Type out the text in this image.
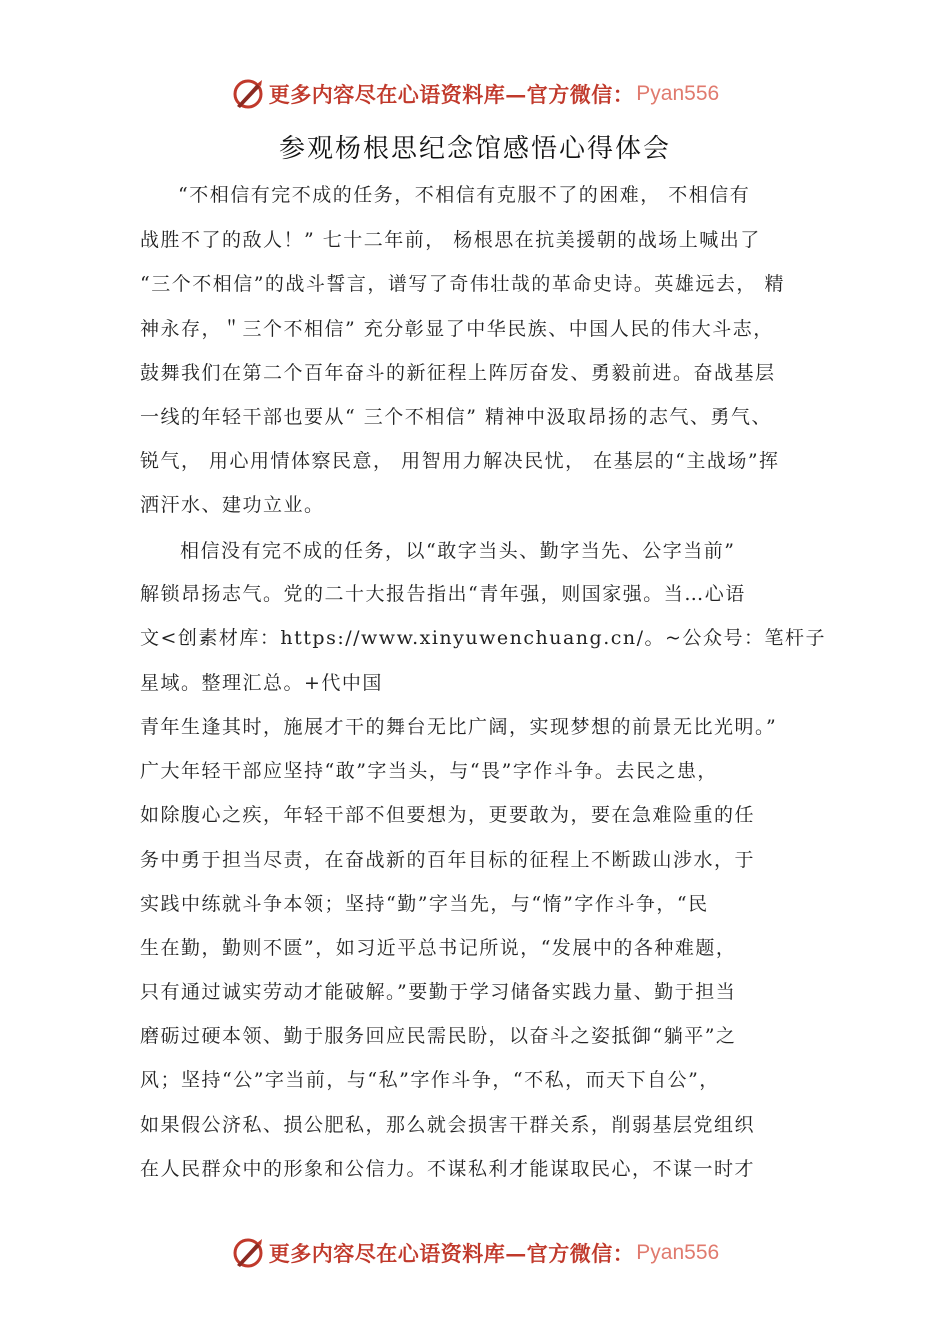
更多内容尽在心语资料库—官方微信： Pyan556
参观杨根思纪念馆感悟心得体会
“不相信有完不成的任务，不相信有克服不了的困难， 不相信有
战胜不了的敌人！” 七十二年前， 杨根思在抗美援朝的战场上喊出了
“三个不相信”的战斗誓言，谱写了奇伟壮哉的革命史诗。英雄远去， 精
神永存，＂三个不相信” 充分彰显了中华民族、中国人民的伟大斗志，
鼓舞我们在第二个百年奋斗的新征程上阵厉奋发、勇毅前进。奋战基层
一线的年轻干部也要从“ 三个不相信” 精神中汲取昂扬的志气、勇气、
锐气， 用心用情体察民意， 用智用力解决民忧， 在基层的“主战场”挥
洒汗水、建功立业。
相信没有完不成的任务，以“敢字当头、勤字当先、公字当前”
解锁昂扬志气。党的二十大报告指出“青年强，则国家强。当…心语
文<创素材库：https://www.xinyuwenchuang.cn/。~公众号：笔杆子
星域。整理汇总。+代中国
青年生逢其时，施展才干的舞台无比广阔，实现梦想的前景无比光明。”
广大年轻干部应坚持“敢”字当头，与“畏”字作斗争。去民之患，
如除腹心之疾，年轻干部不但要想为，更要敢为，要在急难险重的任
务中勇于担当尽责，在奋战新的百年目标的征程上不断跋山涉水，于
实践中练就斗争本领；坚持“勤”字当先，与“惰”字作斗争，“民
生在勤，勤则不匮”，如习近平总书记所说，“发展中的各种难题，
只有通过诚实劳动才能破解。”要勤于学习储备实践力量、勤于担当
磨砺过硬本领、勤于服务回应民需民盼，以奋斗之姿抵御“躺平”之
风；坚持“公”字当前，与“私”字作斗争，“不私，而天下自公”，
如果假公济私、损公肥私，那么就会损害干群关系，削弱基层党组织
在人民群众中的形象和公信力。不谋私利才能谋取民心，不谋一时才
更多内容尽在心语资料库—官方微信： Pyan556
